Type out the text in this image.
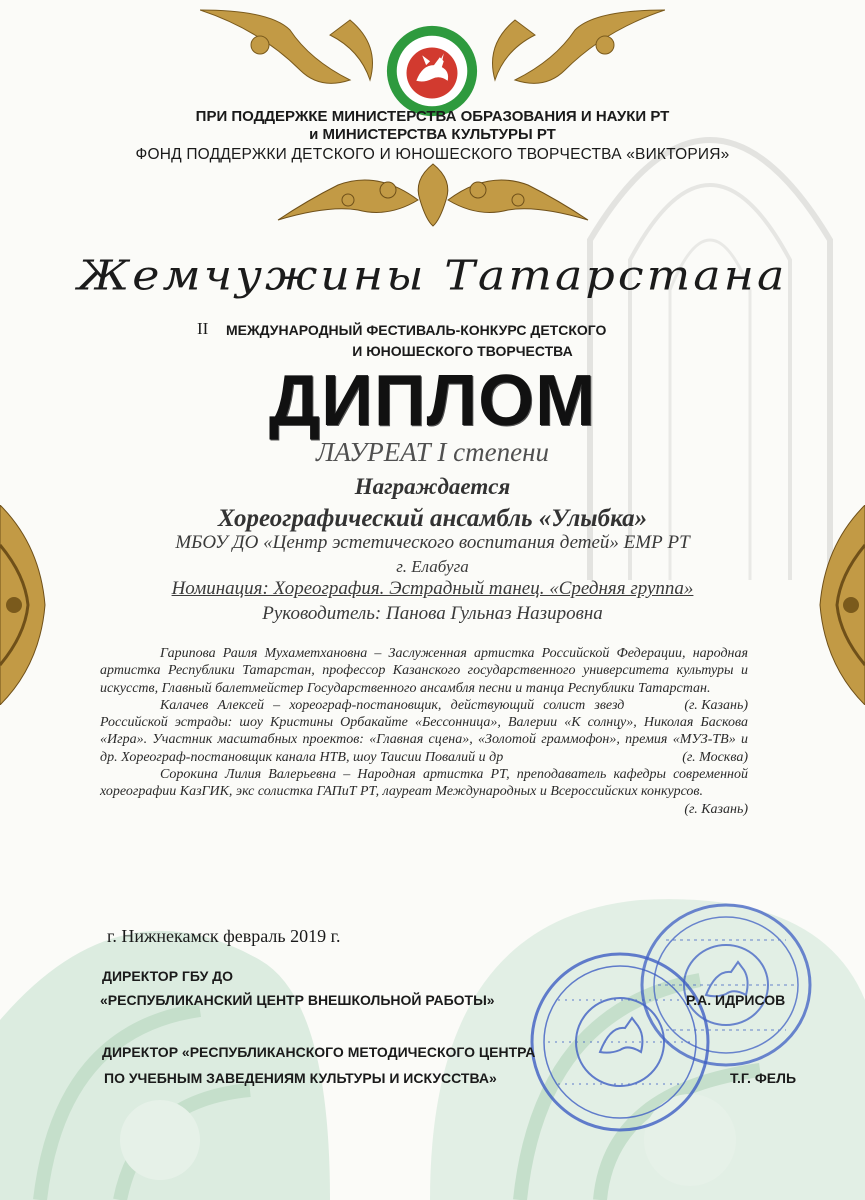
ПРИ ПОДДЕРЖКЕ МИНИСТЕРСТВА ОБРАЗОВАНИЯ И НАУКИ РТ
и МИНИСТЕРСТВА КУЛЬТУРЫ РТ
ФОНД ПОДДЕРЖКИ ДЕТСКОГО И ЮНОШЕСКОГО ТВОРЧЕСТВА «ВИКТОРИЯ»
Жемчужины Татарстана
II МЕЖДУНАРОДНЫЙ ФЕСТИВАЛЬ-КОНКУРС ДЕТСКОГО
И ЮНОШЕСКОГО ТВОРЧЕСТВА
ДИПЛОМ
ЛАУРЕАТ I степени
Награждается
Хореографический ансамбль «Улыбка»
МБОУ ДО «Центр эстетического воспитания детей» ЕМР РТ
г. Елабуга
Номинация: Хореография. Эстрадный танец. «Средняя группа»
Руководитель: Панова Гульназ Назировна

Гарипова Раиля Мухаметхановна – Заслуженная артистка Российской Федерации, народная артистка Республики Татарстан, профессор Казанского государственного университета культуры и искусств, Главный балетмейстер Государственного ансамбля песни и танца Республики Татарстан.
(г. Казань)

Калачев Алексей – хореограф-постановщик, действующий солист звезд Российской эстрады: шоу Кристины Орбакайте «Бессонница», Валерии «К солнцу», Николая Баскова «Игра». Участник масштабных проектов: «Главная сцена», «Золотой граммофон», премия «МУЗ-ТВ» и др. Хореограф-постановщик канала НТВ, шоу Таисии Повалий и др	(г. Москва)

Сорокина Лилия Валерьевна – Народная артистка РТ, преподаватель кафедры современной хореографии КазГИК, экс солистка ГАПиТ РТ, лауреат Международных и Всероссийских конкурсов.
(г. Казань)

г. Нижнекамск февраль 2019 г.
ДИРЕКТОР ГБУ ДО
«РЕСПУБЛИКАНСКИЙ ЦЕНТР ВНЕШКОЛЬНОЙ РАБОТЫ»	Р.А. ИДРИСОВ
ДИРЕКТОР «РЕСПУБЛИКАНСКОГО МЕТОДИЧЕСКОГО ЦЕНТРА
ПО УЧЕБНЫМ ЗАВЕДЕНИЯМ КУЛЬТУРЫ И ИСКУССТВА»	Т.Г. ФЕЛЬ
